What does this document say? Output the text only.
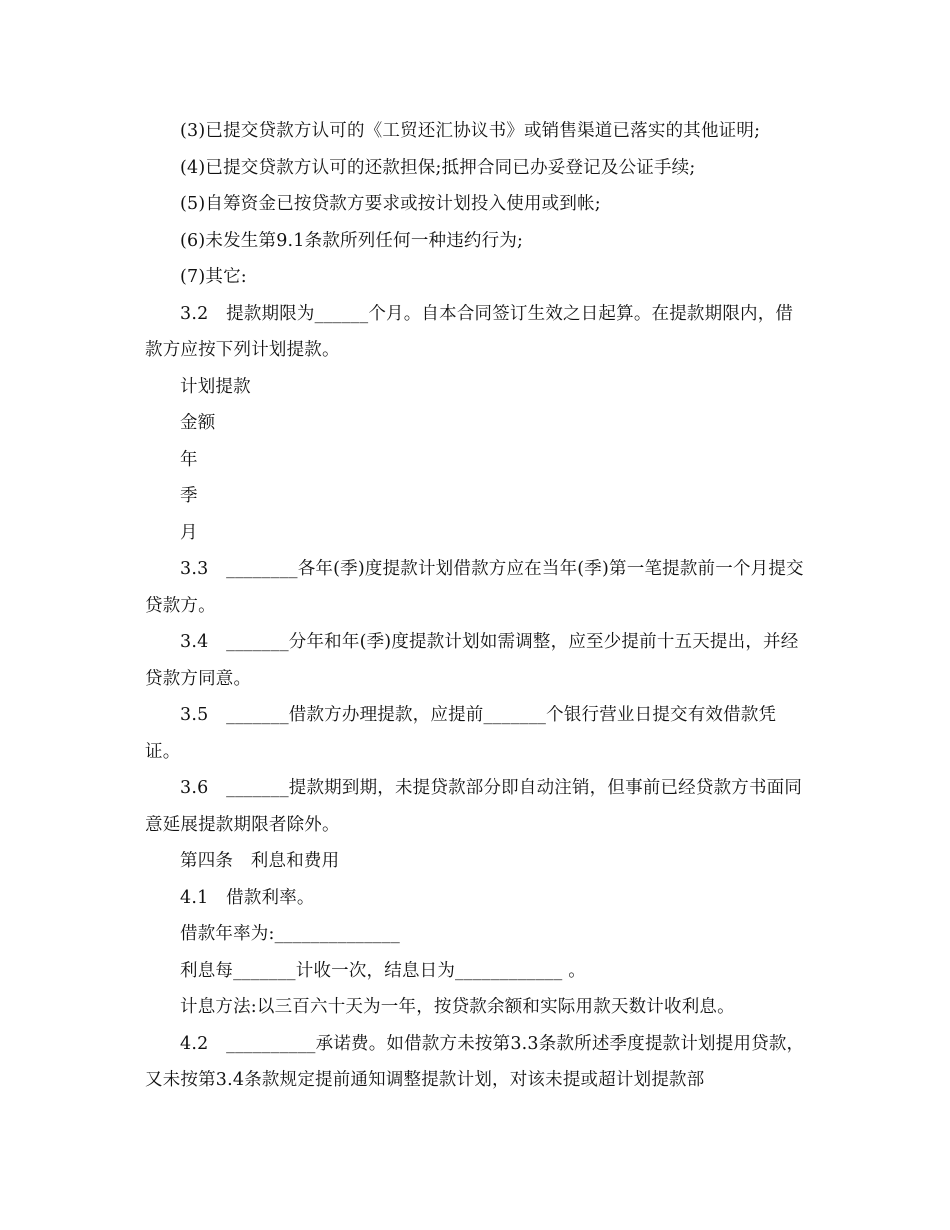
(3)已提交贷款方认可的《工贸还汇协议书》或销售渠道已落实的其他证明;

(4)已提交贷款方认可的还款担保;抵押合同已办妥登记及公证手续;

(5)自筹资金已按贷款方要求或按计划投入使用或到帐;

(6)未发生第9.1条款所列任何一种违约行为;

(7)其它:

3.2　提款期限为______个月。自本合同签订生效之日起算。在提款期限内，借款方应按下列计划提款。

计划提款

金额

年

季

月

3.3　________各年(季)度提款计划借款方应在当年(季)第一笔提款前一个月提交贷款方。

3.4　_______分年和年(季)度提款计划如需调整，应至少提前十五天提出，并经贷款方同意。

3.5　_______借款方办理提款，应提前_______个银行营业日提交有效借款凭证。

3.6　_______提款期到期，未提贷款部分即自动注销，但事前已经贷款方书面同意延展提款期限者除外。

第四条　利息和费用

4.1　借款利率。

借款年率为:______________

利息每_______计收一次，结息日为____________ 。

计息方法:以三百六十天为一年，按贷款余额和实际用款天数计收利息。

4.2　__________承诺费。如借款方未按第3.3条款所述季度提款计划提用贷款，又未按第3.4条款规定提前通知调整提款计划，对该未提或超计划提款部
